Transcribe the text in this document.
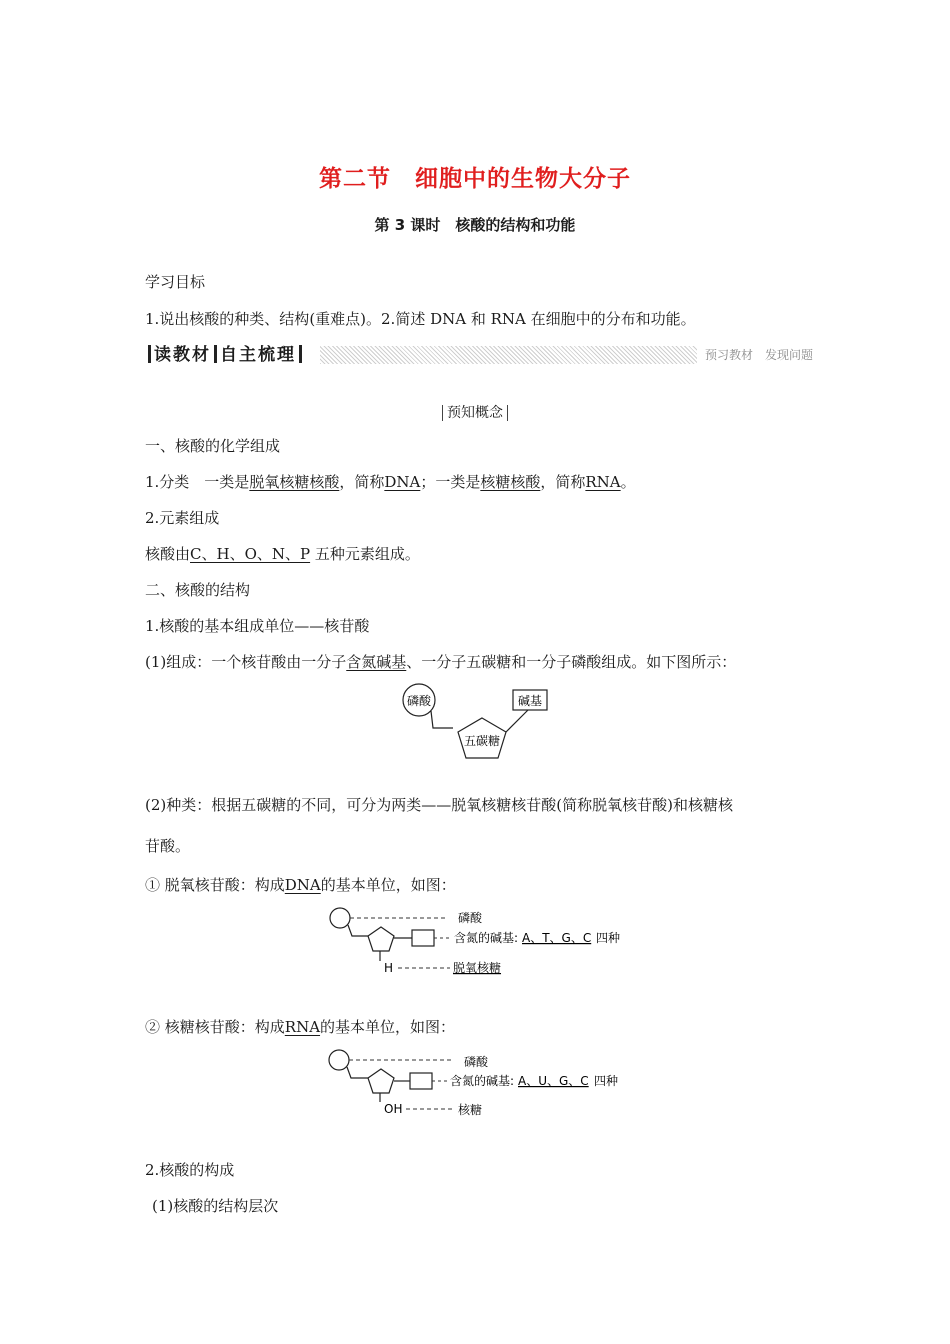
第二节　细胞中的生物大分子
第 3 课时　核酸的结构和功能
学习目标
1.说出核酸的种类、结构(重难点)。2.简述 DNA 和 RNA 在细胞中的分布和功能。
读教材 自主梳理	预习教材　发现问题
预知概念
一、核酸的化学组成
1.分类　一类是脱氧核糖核酸，简称DNA；一类是核糖核酸，简称RNA。
2.元素组成
核酸由C、H、O、N、P 五种元素组成。
二、核酸的结构
1.核酸的基本组成单位——核苷酸
(1)组成：一个核苷酸由一分子含氮碱基、一分子五碳糖和一分子磷酸组成。如下图所示：
磷酸
五碳糖
碱基
(2)种类：根据五碳糖的不同，可分为两类——脱氧核糖核苷酸(简称脱氧核苷酸)和核糖核
苷酸。
① 脱氧核苷酸：构成DNA的基本单位，如图：
磷酸
含氮的碱基: A、T、G、C 四种
H	脱氧核糖
② 核糖核苷酸：构成RNA的基本单位，如图：
磷酸
含氮的碱基: A、U、G、C 四种
OH	核糖
2.核酸的构成
(1)核酸的结构层次
